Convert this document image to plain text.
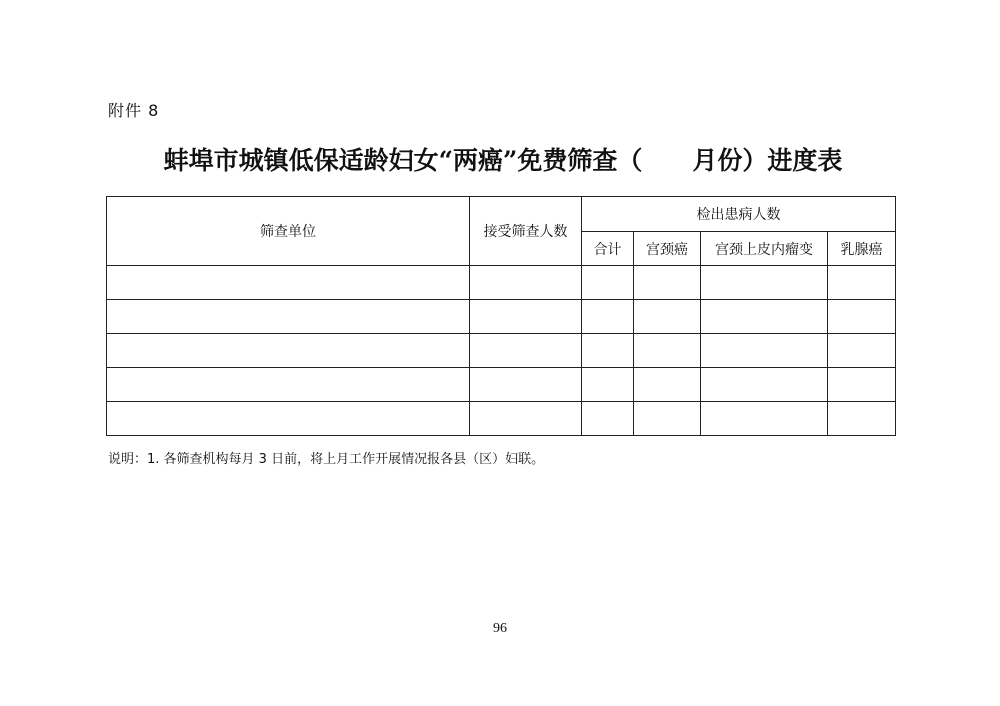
附件 8
蚌埠市城镇低保适龄妇女“两癌”免费筛查（　　月份）进度表
筛查单位	接受筛查人数	检出患病人数			
		合计	宫颈癌	宫颈上皮内瘤变	乳腺癌

说明：1. 各筛查机构每月 3 日前，将上月工作开展情况报各县（区）妇联。
96
